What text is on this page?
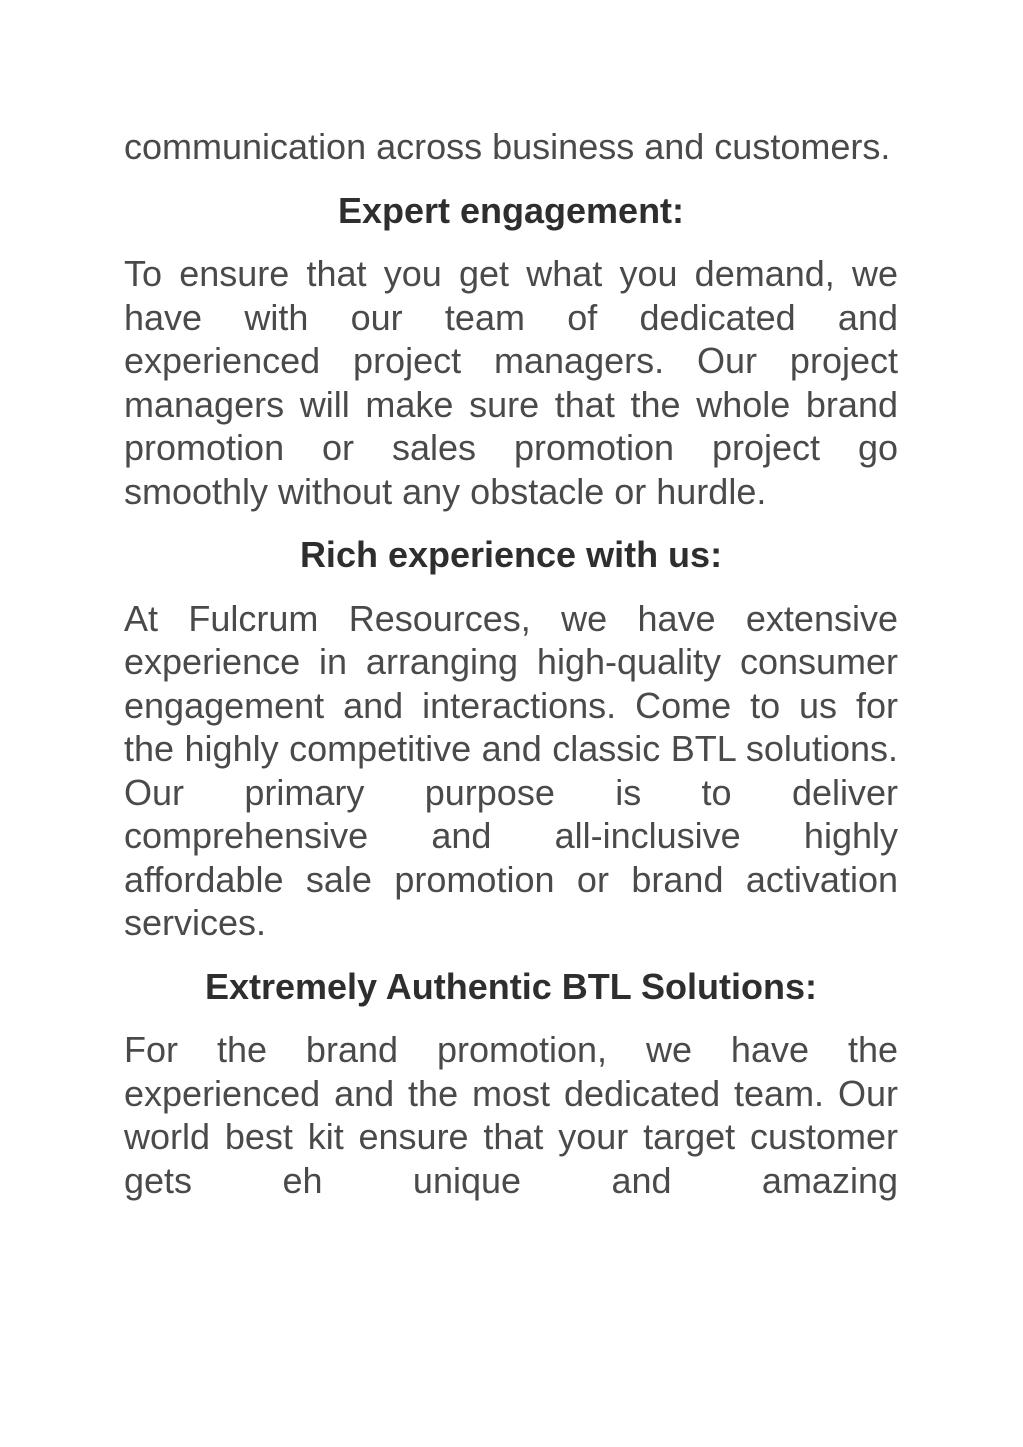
communication across business and customers.

Expert engagement:

To ensure that you get what you demand, we have with our team of dedicated and experienced project managers. Our project managers will make sure that the whole brand promotion or sales promotion project go smoothly without any obstacle or hurdle.

Rich experience with us:

At Fulcrum Resources, we have extensive experience in arranging high-quality consumer engagement and interactions. Come to us for the highly competitive and classic BTL solutions. Our primary purpose is to deliver comprehensive and all-inclusive highly affordable sale promotion or brand activation services.

Extremely Authentic BTL Solutions:

For the brand promotion, we have the experienced and the most dedicated team. Our world best kit ensure that your target customer gets eh unique and amazing
